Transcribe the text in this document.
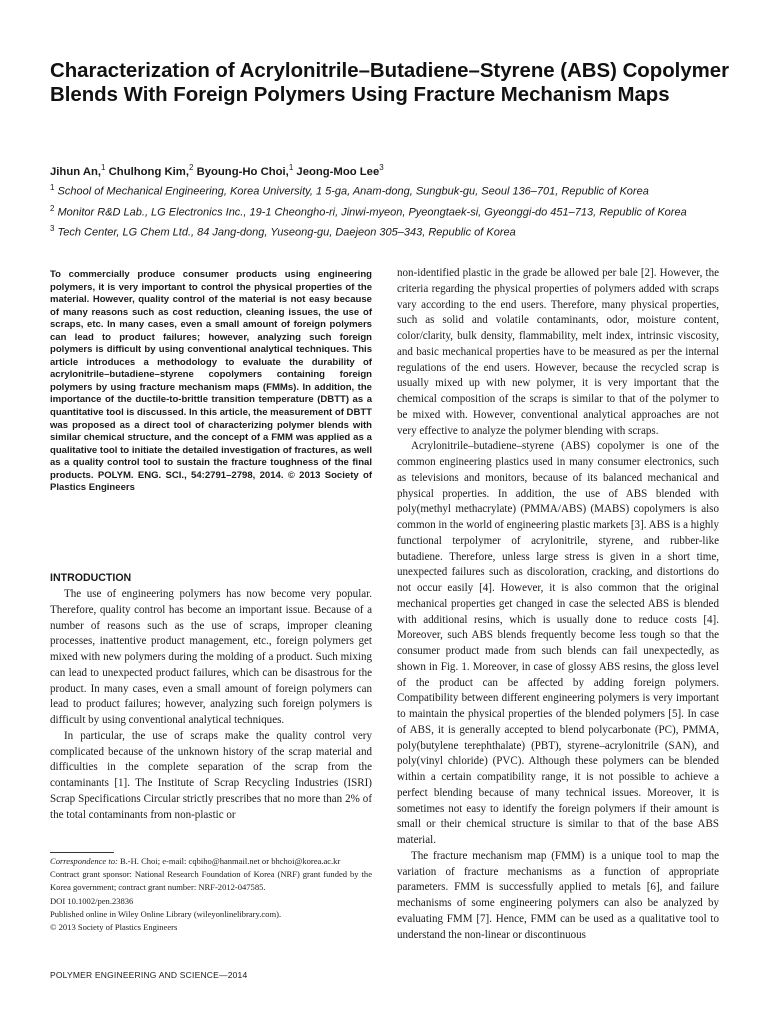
Characterization of Acrylonitrile–Butadiene–Styrene (ABS) Copolymer Blends With Foreign Polymers Using Fracture Mechanism Maps

Jihun An,$^1$ Chulhong Kim,$^2$ Byoung-Ho Choi,$^1$ Jeong-Moo Lee$^3$

$^1$ School of Mechanical Engineering, Korea University, 1 5-ga, Anam-dong, Sungbuk-gu, Seoul 136–701, Republic of Korea

$^2$ Monitor R&D Lab., LG Electronics Inc., 19-1 Cheongho-ri, Jinwi-myeon, Pyeongtaek-si, Gyeonggi-do 451–713, Republic of Korea

$^3$ Tech Center, LG Chem Ltd., 84 Jang-dong, Yuseong-gu, Daejeon 305–343, Republic of Korea

To commercially produce consumer products using engineering polymers, it is very important to control the physical properties of the material. However, quality control of the material is not easy because of many reasons such as cost reduction, cleaning issues, the use of scraps, etc. In many cases, even a small amount of foreign polymers can lead to product failures; however, analyzing such foreign polymers is difficult by using conventional analytical techniques. This article introduces a methodology to evaluate the durability of acrylonitrile–butadiene–styrene copolymers containing foreign polymers by using fracture mechanism maps (FMMs). In addition, the importance of the ductile-to-brittle transition temperature (DBTT) as a quantitative tool is discussed. In this article, the measurement of DBTT was proposed as a direct tool of characterizing polymer blends with similar chemical structure, and the concept of a FMM was applied as a qualitative tool to initiate the detailed investigation of fractures, as well as a quality control tool to sustain the fracture toughness of the final products. POLYM. ENG. SCI., 54:2791–2798, 2014. © 2013 Society of Plastics Engineers

INTRODUCTION

The use of engineering polymers has now become very popular. Therefore, quality control has become an important issue. Because of a number of reasons such as the use of scraps, improper cleaning processes, inattentive product management, etc., foreign polymers get mixed with new polymers during the molding of a product. Such mixing can lead to unexpected product failures, which can be disastrous for the product. In many cases, even a small amount of foreign polymers can lead to product failures; however, analyzing such foreign polymers is difficult by using conventional analytical techniques.

In particular, the use of scraps make the quality control very complicated because of the unknown history of the scrap material and difficulties in the complete separation of the scrap from the contaminants [1]. The Institute of Scrap Recycling Industries (ISRI) Scrap Specifications Circular strictly prescribes that no more than 2% of the total contaminants from non-plastic or

non-identified plastic in the grade be allowed per bale [2]. However, the criteria regarding the physical properties of polymers added with scraps vary according to the end users. Therefore, many physical properties, such as solid and volatile contaminants, odor, moisture content, color/clarity, bulk density, flammability, melt index, intrinsic viscosity, and basic mechanical properties have to be measured as per the internal regulations of the end users. However, because the recycled scrap is usually mixed up with new polymer, it is very important that the chemical composition of the scraps is similar to that of the polymer to be mixed with. However, conventional analytical approaches are not very effective to analyze the polymer blending with scraps.

Acrylonitrile–butadiene–styrene (ABS) copolymer is one of the common engineering plastics used in many consumer electronics, such as televisions and monitors, because of its balanced mechanical and physical properties. In addition, the use of ABS blended with poly(methyl methacrylate) (PMMA/ABS) (MABS) copolymers is also common in the world of engineering plastic markets [3]. ABS is a highly functional terpolymer of acrylonitrile, styrene, and rubber-like butadiene. Therefore, unless large stress is given in a short time, unexpected failures such as discoloration, cracking, and distortions do not occur easily [4]. However, it is also common that the original mechanical properties get changed in case the selected ABS is blended with additional resins, which is usually done to reduce costs [4]. Moreover, such ABS blends frequently become less tough so that the consumer product made from such blends can fail unexpectedly, as shown in Fig. 1. Moreover, in case of glossy ABS resins, the gloss level of the product can be affected by adding foreign polymers. Compatibility between different engineering polymers is very important to maintain the physical properties of the blended polymers [5]. In case of ABS, it is generally accepted to blend polycarbonate (PC), PMMA, poly(butylene terephthalate) (PBT), styrene–acrylonitrile (SAN), and poly(vinyl chloride) (PVC). Although these polymers can be blended within a certain compatibility range, it is not possible to achieve a perfect blending because of many technical issues. Moreover, it is sometimes not easy to identify the foreign polymers if their amount is small or their chemical structure is similar to that of the base ABS material.

The fracture mechanism map (FMM) is a unique tool to map the variation of fracture mechanisms as a function of appropriate parameters. FMM is successfully applied to metals [6], and failure mechanisms of some engineering polymers can also be analyzed by evaluating FMM [7]. Hence, FMM can be used as a qualitative tool to understand the non-linear or discontinuous

Correspondence to: B.-H. Choi; e-mail: cqbiho@hanmail.net or bhchoi@korea.ac.kr

Contract grant sponsor: National Research Foundation of Korea (NRF) grant funded by the Korea government; contract grant number: NRF-2012-047585.

DOI 10.1002/pen.23836

Published online in Wiley Online Library (wileyonlinelibrary.com).

© 2013 Society of Plastics Engineers

POLYMER ENGINEERING AND SCIENCE—2014
